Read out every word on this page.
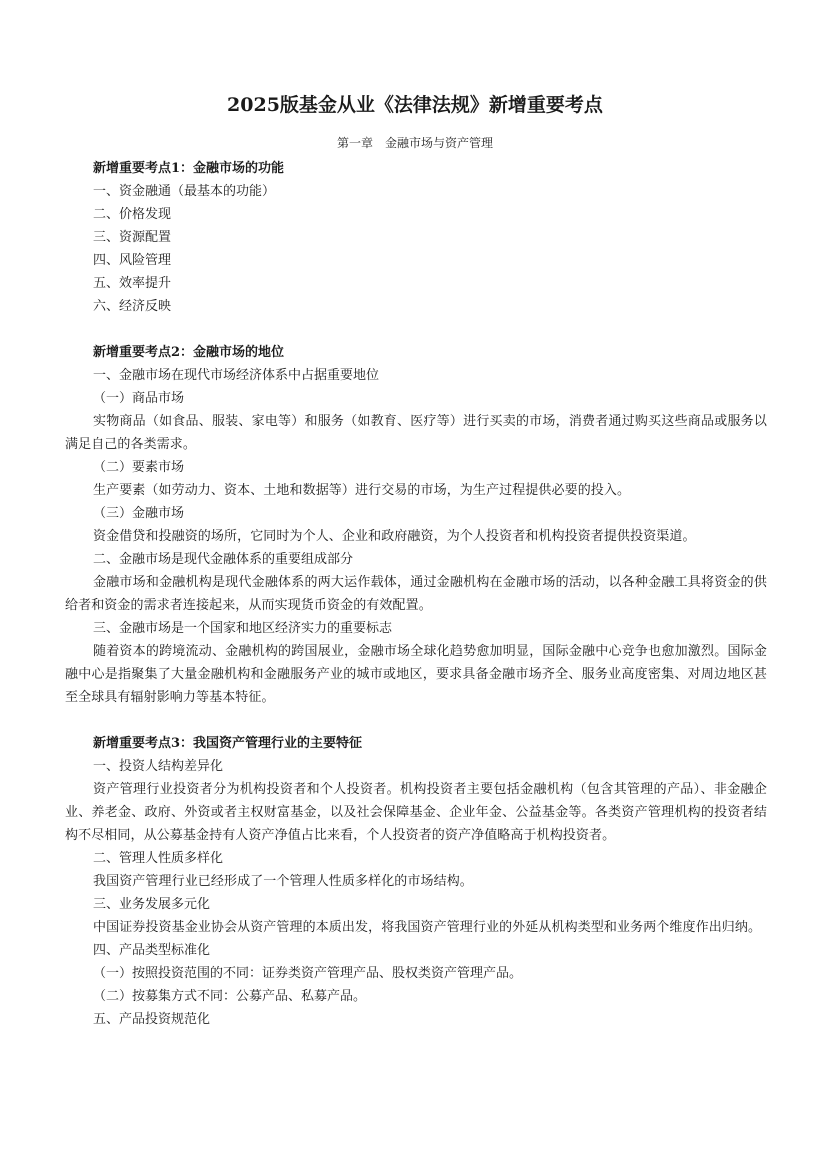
2025版基金从业《法律法规》新增重要考点
第一章　金融市场与资产管理

新增重要考点1：金融市场的功能

一、资金融通（最基本的功能）

二、价格发现

三、资源配置

四、风险管理

五、效率提升

六、经济反映

新增重要考点2：金融市场的地位

一、金融市场在现代市场经济体系中占据重要地位

（一）商品市场

实物商品（如食品、服装、家电等）和服务（如教育、医疗等）进行买卖的市场，消费者通过购买这些商品或服务以满足自己的各类需求。

（二）要素市场

生产要素（如劳动力、资本、土地和数据等）进行交易的市场，为生产过程提供必要的投入。

（三）金融市场

资金借贷和投融资的场所，它同时为个人、企业和政府融资，为个人投资者和机构投资者提供投资渠道。

二、金融市场是现代金融体系的重要组成部分

金融市场和金融机构是现代金融体系的两大运作载体，通过金融机构在金融市场的活动，以各种金融工具将资金的供给者和资金的需求者连接起来，从而实现货币资金的有效配置。

三、金融市场是一个国家和地区经济实力的重要标志

随着资本的跨境流动、金融机构的跨国展业，金融市场全球化趋势愈加明显，国际金融中心竞争也愈加激烈。国际金融中心是指聚集了大量金融机构和金融服务产业的城市或地区，要求具备金融市场齐全、服务业高度密集、对周边地区甚至全球具有辐射影响力等基本特征。

新增重要考点3：我国资产管理行业的主要特征

一、投资人结构差异化

资产管理行业投资者分为机构投资者和个人投资者。机构投资者主要包括金融机构（包含其管理的产品）、非金融企业、养老金、政府、外资或者主权财富基金，以及社会保障基金、企业年金、公益基金等。各类资产管理机构的投资者结构不尽相同，从公募基金持有人资产净值占比来看，个人投资者的资产净值略高于机构投资者。

二、管理人性质多样化

我国资产管理行业已经形成了一个管理人性质多样化的市场结构。

三、业务发展多元化

中国证券投资基金业协会从资产管理的本质出发，将我国资产管理行业的外延从机构类型和业务两个维度作出归纳。

四、产品类型标准化

（一）按照投资范围的不同：证券类资产管理产品、股权类资产管理产品。

（二）按募集方式不同：公募产品、私募产品。

五、产品投资规范化
